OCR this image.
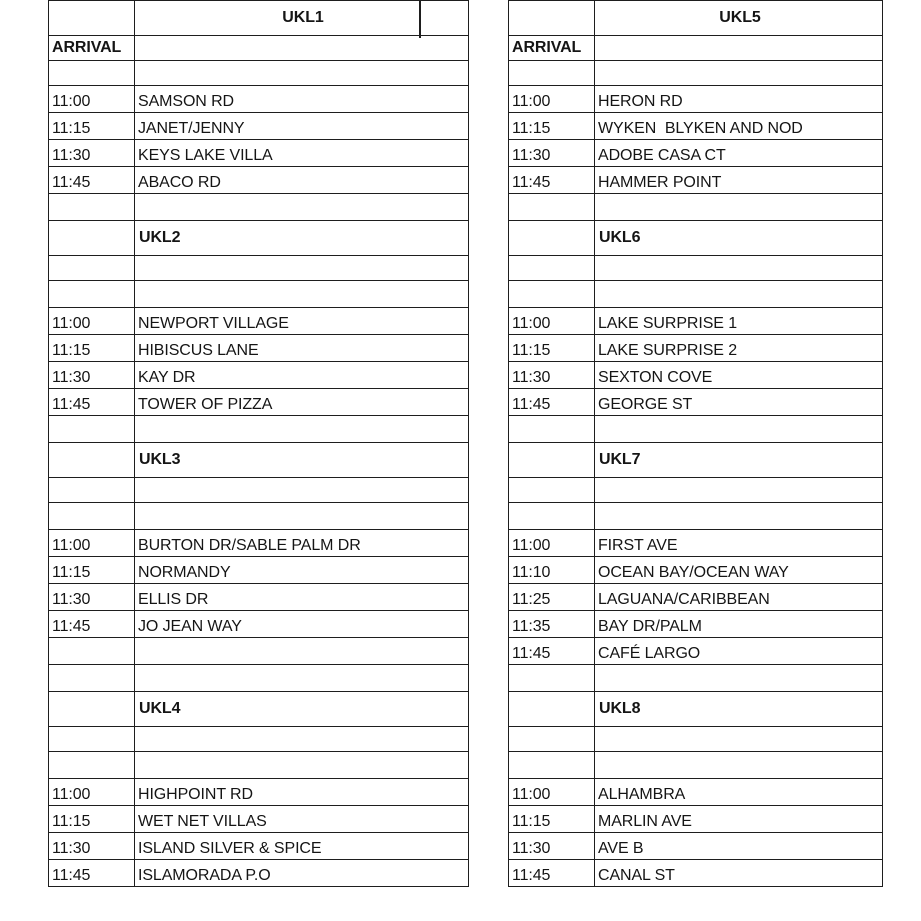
	UKL1
ARRIVAL	

11:00	SAMSON RD
11:15	JANET/JENNY
11:30	KEYS LAKE VILLA
11:45	ABACO RD

	UKL2

11:00	NEWPORT VILLAGE
11:15	HIBISCUS LANE
11:30	KAY DR
11:45	TOWER OF PIZZA

	UKL3

11:00	BURTON DR/SABLE PALM DR
11:15	NORMANDY
11:30	ELLIS DR
11:45	JO JEAN WAY

	UKL4

11:00	HIGHPOINT RD
11:15	WET NET VILLAS
11:30	ISLAND SILVER & SPICE
11:45	ISLAMORADA P.O
	UKL5
ARRIVAL	

11:00	HERON RD
11:15	WYKEN  BLYKEN AND NOD
11:30	ADOBE CASA CT
11:45	HAMMER POINT

	UKL6

11:00	LAKE SURPRISE 1
11:15	LAKE SURPRISE 2
11:30	SEXTON COVE
11:45	GEORGE ST

	UKL7

11:00	FIRST AVE
11:10	OCEAN BAY/OCEAN WAY
11:25	LAGUANA/CARIBBEAN
11:35	BAY DR/PALM
11:45	CAFÉ LARGO

	UKL8

11:00	ALHAMBRA
11:15	MARLIN AVE
11:30	AVE B
11:45	CANAL ST
